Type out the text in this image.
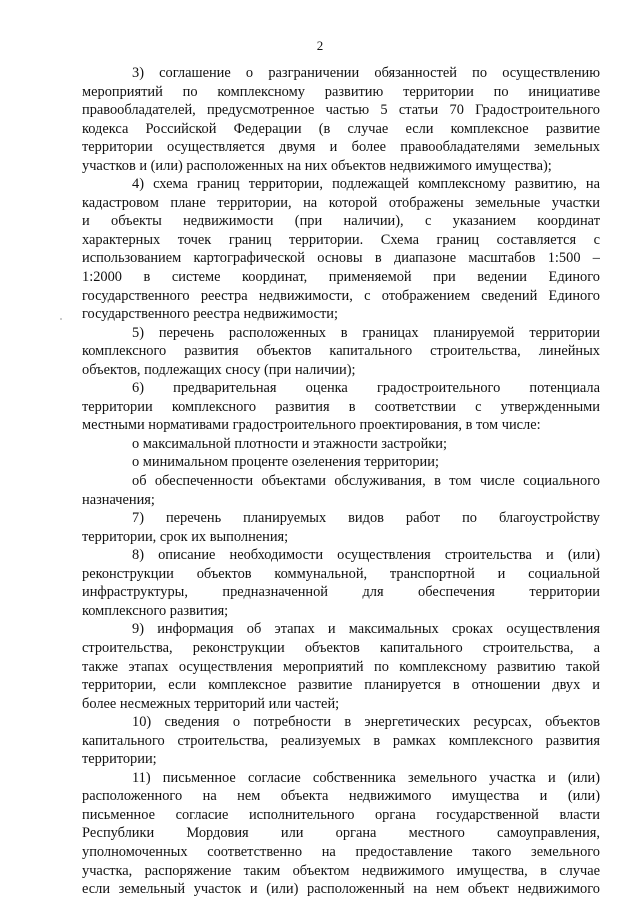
2
3) соглашение о разграничении обязанностей по осуществлению
мероприятий по комплексному развитию территории по инициативе
правообладателей, предусмотренное частью 5 статьи 70 Градостроительного
кодекса Российской Федерации (в случае если комплексное развитие
территории осуществляется двумя и более правообладателями земельных
участков и (или) расположенных на них объектов недвижимого имущества);
4) схема границ территории, подлежащей комплексному развитию, на
кадастровом плане территории, на которой отображены земельные участки
и объекты недвижимости (при наличии), с указанием координат
характерных точек границ территории. Схема границ составляется с
использованием картографической основы в диапазоне масштабов 1:500 –
1:2000 в системе координат, применяемой при ведении Единого
государственного реестра недвижимости, с отображением сведений Единого
государственного реестра недвижимости;
5) перечень расположенных в границах планируемой территории
комплексного развития объектов капитального строительства, линейных
объектов, подлежащих сносу (при наличии);
6) предварительная оценка градостроительного потенциала
территории комплексного развития в соответствии с утвержденными
местными нормативами градостроительного проектирования, в том числе:
о максимальной плотности и этажности застройки;
о минимальном проценте озеленения территории;
об обеспеченности объектами обслуживания, в том числе социального
назначения;
7) перечень планируемых видов работ по благоустройству
территории, срок их выполнения;
8) описание необходимости осуществления строительства и (или)
реконструкции объектов коммунальной, транспортной и социальной
инфраструктуры, предназначенной для обеспечения территории
комплексного развития;
9) информация об этапах и максимальных сроках осуществления
строительства, реконструкции объектов капитального строительства, а
также этапах осуществления мероприятий по комплексному развитию такой
территории, если комплексное развитие планируется в отношении двух и
более несмежных территорий или частей;
10) сведения о потребности в энергетических ресурсах, объектов
капитального строительства, реализуемых в рамках комплексного развития
территории;
11) письменное согласие собственника земельного участка и (или)
расположенного на нем объекта недвижимого имущества и (или)
письменное согласие исполнительного органа государственной власти
Республики Мордовия или органа местного самоуправления,
уполномоченных соответственно на предоставление такого земельного
участка, распоряжение таким объектом недвижимого имущества, в случае
если земельный участок и (или) расположенный на нем объект недвижимого
